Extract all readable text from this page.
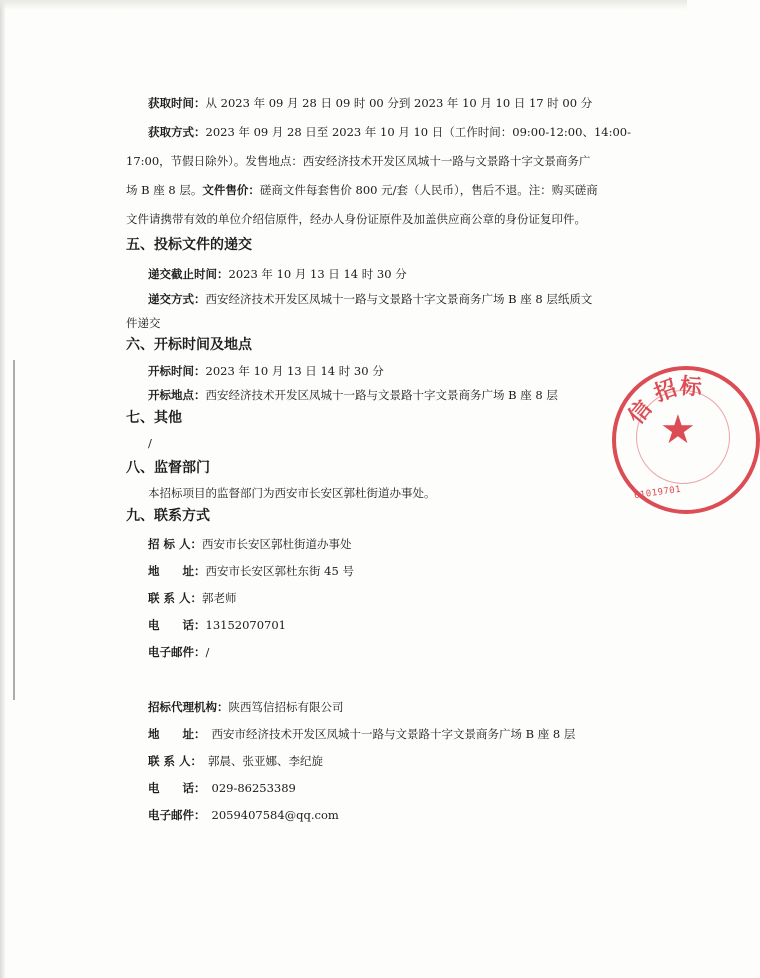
获取时间：从 2023 年 09 月 28 日 09 时 00 分到 2023 年 10 月 10 日 17 时 00 分
获取方式：2023 年 09 月 28 日至 2023 年 10 月 10 日（工作时间：09:00-12:00、14:00-
17:00，节假日除外）。发售地点：西安经济技术开发区凤城十一路与文景路十字文景商务广
场 B 座 8 层。文件售价：磋商文件每套售价 800 元/套（人民币），售后不退。注：购买磋商
文件请携带有效的单位介绍信原件，经办人身份证原件及加盖供应商公章的身份证复印件。
五、投标文件的递交
递交截止时间：2023 年 10 月 13 日 14 时 30 分
递交方式：西安经济技术开发区凤城十一路与文景路十字文景商务广场 B 座 8 层纸质文
件递交
六、开标时间及地点
开标时间：2023 年 10 月 13 日 14 时 30 分
开标地点：西安经济技术开发区凤城十一路与文景路十字文景商务广场 B 座 8 层
七、其他
/
八、监督部门
本招标项目的监督部门为西安市长安区郭杜街道办事处。
九、联系方式
招 标 人：西安市长安区郭杜街道办事处
地　　址：西安市长安区郭杜东街 45 号
联 系 人：郭老师
电　　话：13152070701
电子邮件：/
招标代理机构：陕西笃信招标有限公司
地　　址： 西安市经济技术开发区凤城十一路与文景路十字文景商务广场 B 座 8 层
联 系 人： 郭晨、张亚娜、李纪旋
电　　话： 029-86253389
电子邮件： 2059407584@qq.com
信
招
标
★
61019701
